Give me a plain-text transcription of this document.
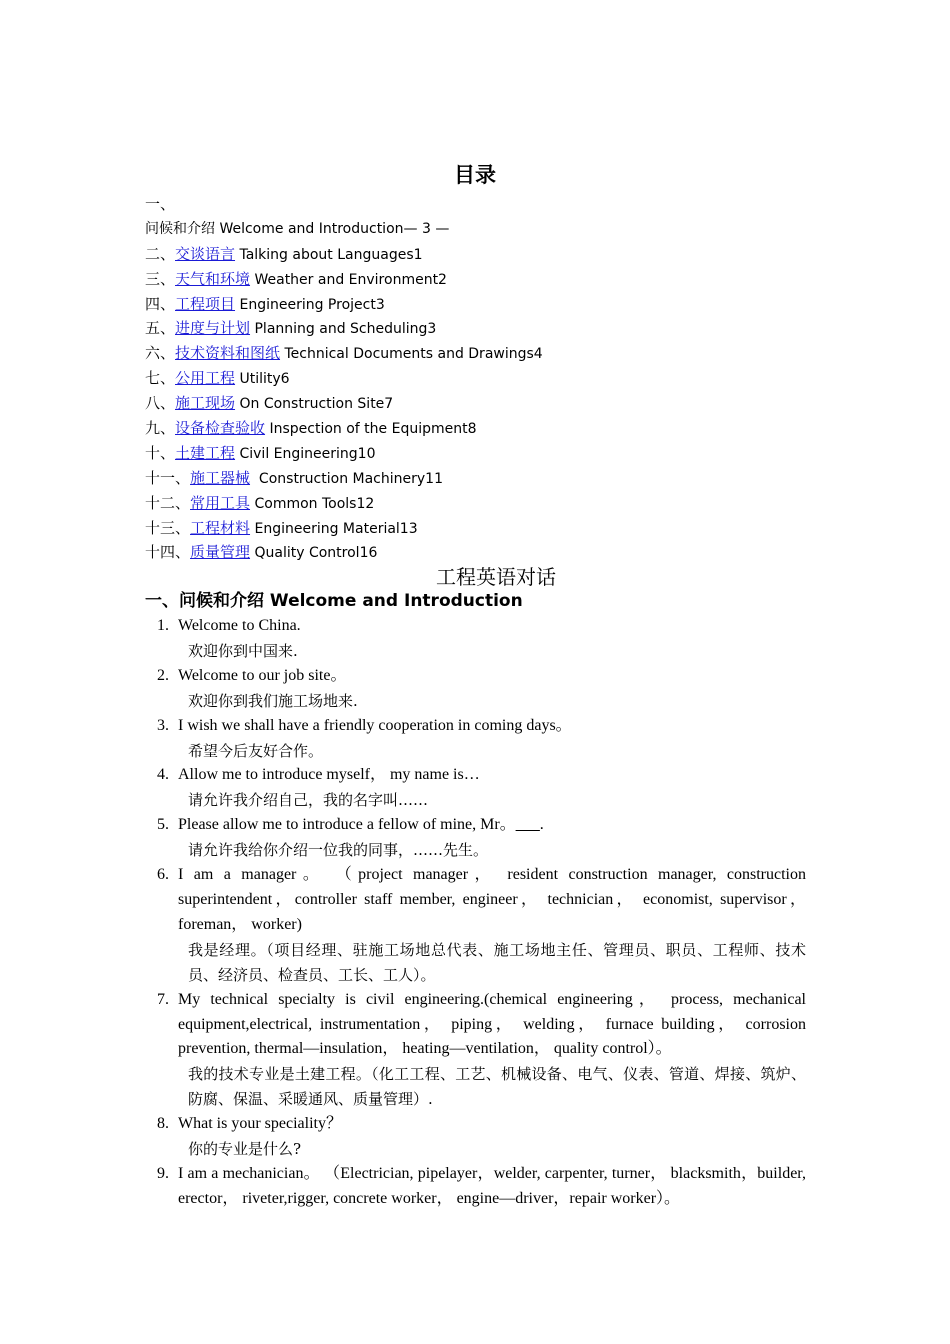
目录
一、
问候和介绍 Welcome and Introduction— 3 —
二、交谈语言 Talking about Languages1
三、天气和环境 Weather and Environment2
四、工程项目 Engineering Project3
五、进度与计划 Planning and Scheduling3
六、技术资料和图纸 Technical Documents and Drawings4
七、公用工程 Utility6
八、施工现场 On Construction Site7
九、设备检查验收 Inspection of the Equipment8
十、土建工程 Civil Engineering10
十一、施工器械  Construction Machinery11
十二、常用工具 Common Tools12
十三、工程材料 Engineering Material13
十四、质量管理 Quality Control16
工程英语对话
一、问候和介绍 Welcome and Introduction
1. Welcome to China.
欢迎你到中国来.
2. Welcome to our job site。
欢迎你到我们施工场地来.
3. I wish we shall have a friendly cooperation in coming days。
希望今后友好合作。
4. Allow me to introduce myself， my name is…
请允许我介绍自己，我的名字叫……
5. Please allow me to introduce a fellow of mine, Mr。___.
请允许我给你介绍一位我的同事，……先生。
6. I am a manager。 （project manager， resident construction manager, construction superintendent，controller staff member, engineer， technician， economist, supervisor，foreman， worker)
我是经理。（项目经理、驻施工场地总代表、施工场地主任、管理员、职员、工程师、技术员、经济员、检查员、工长、工人）。
7. My technical specialty is civil engineering.(chemical engineering， process, mechanical equipment,electrical, instrumentation， piping， welding， furnace building， corrosion prevention, thermal—insulation， heating—ventilation， quality control）。
我的技术专业是土建工程。（化工工程、工艺、机械设备、电气、仪表、管道、焊接、筑炉、防腐、保温、采暖通风、质量管理）.
8. What is your speciality？
你的专业是什么?
9. I am a mechanician。 （Electrician, pipelayer，welder, carpenter, turner， blacksmith，builder, erector， riveter,rigger, concrete worker， engine—driver，repair worker）。
